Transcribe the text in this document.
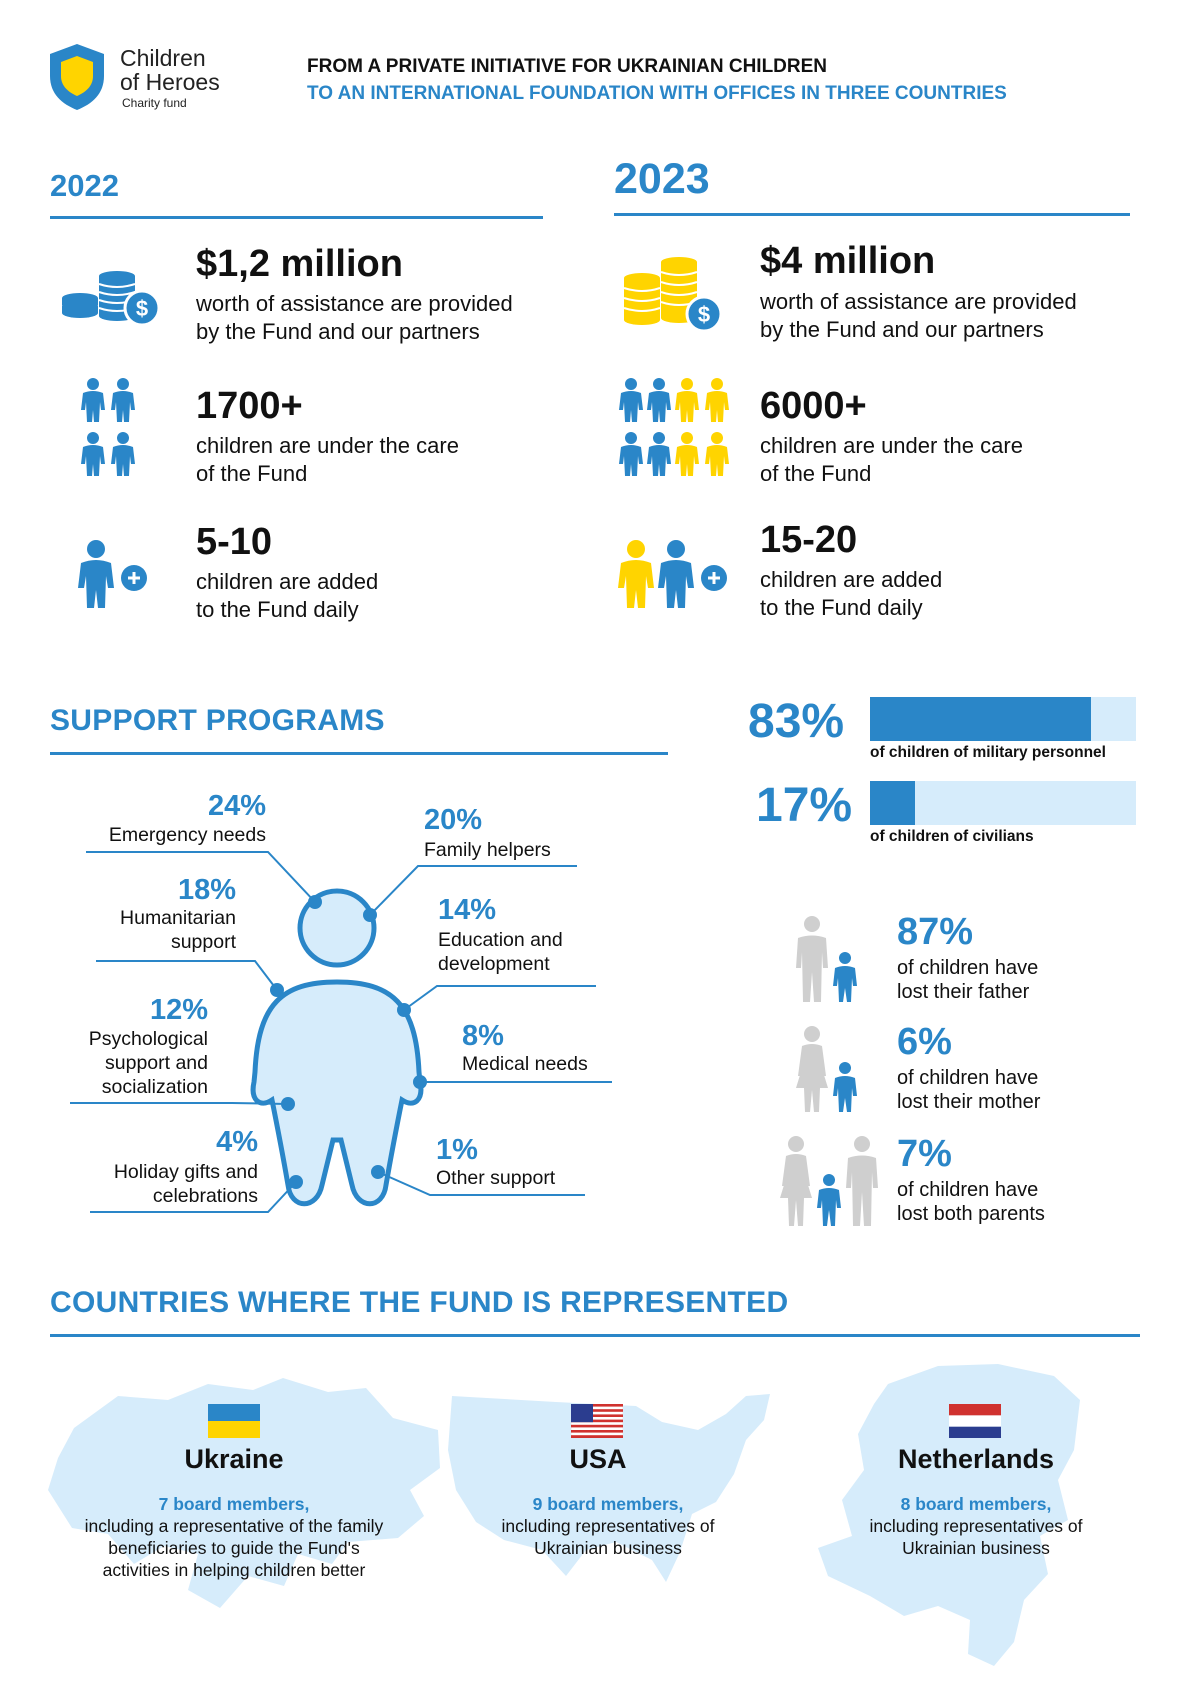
Children
of Heroes
Charity fund
FROM A PRIVATE INITIATIVE FOR UKRAINIAN CHILDREN
TO AN INTERNATIONAL FOUNDATION WITH OFFICES IN THREE COUNTRIES
2022
$
$1,2 million
worth of assistance are provided
by the Fund and our partners
1700+
children are under the care
of the Fund
5-10
children are added
to the Fund daily
2023
$
$4 million
worth of assistance are provided
by the Fund and our partners
6000+
children are under the care
of the Fund
15-20
children are added
to the Fund daily
SUPPORT PROGRAMS
24%
Emergency needs	20%
Family helpers
18%
Humanitarian
support
14%
Education and
development
12%
Psychological
support and
socialization
8%
Medical needs
4%
Holiday gifts and
celebrations
1%
Other support
83%
of children of military personnel
17%
of children of civilians
87%
of children have
lost their father
6%
of children have
lost their mother
7%
of children have
lost both parents
COUNTRIES WHERE THE FUND IS REPRESENTED
Ukraine
7 board members,
including a representative of the family
beneficiaries to guide the Fund's
activities in helping children better
USA
9 board members,
including representatives of
Ukrainian business
Netherlands
8 board members,
including representatives of
Ukrainian business
